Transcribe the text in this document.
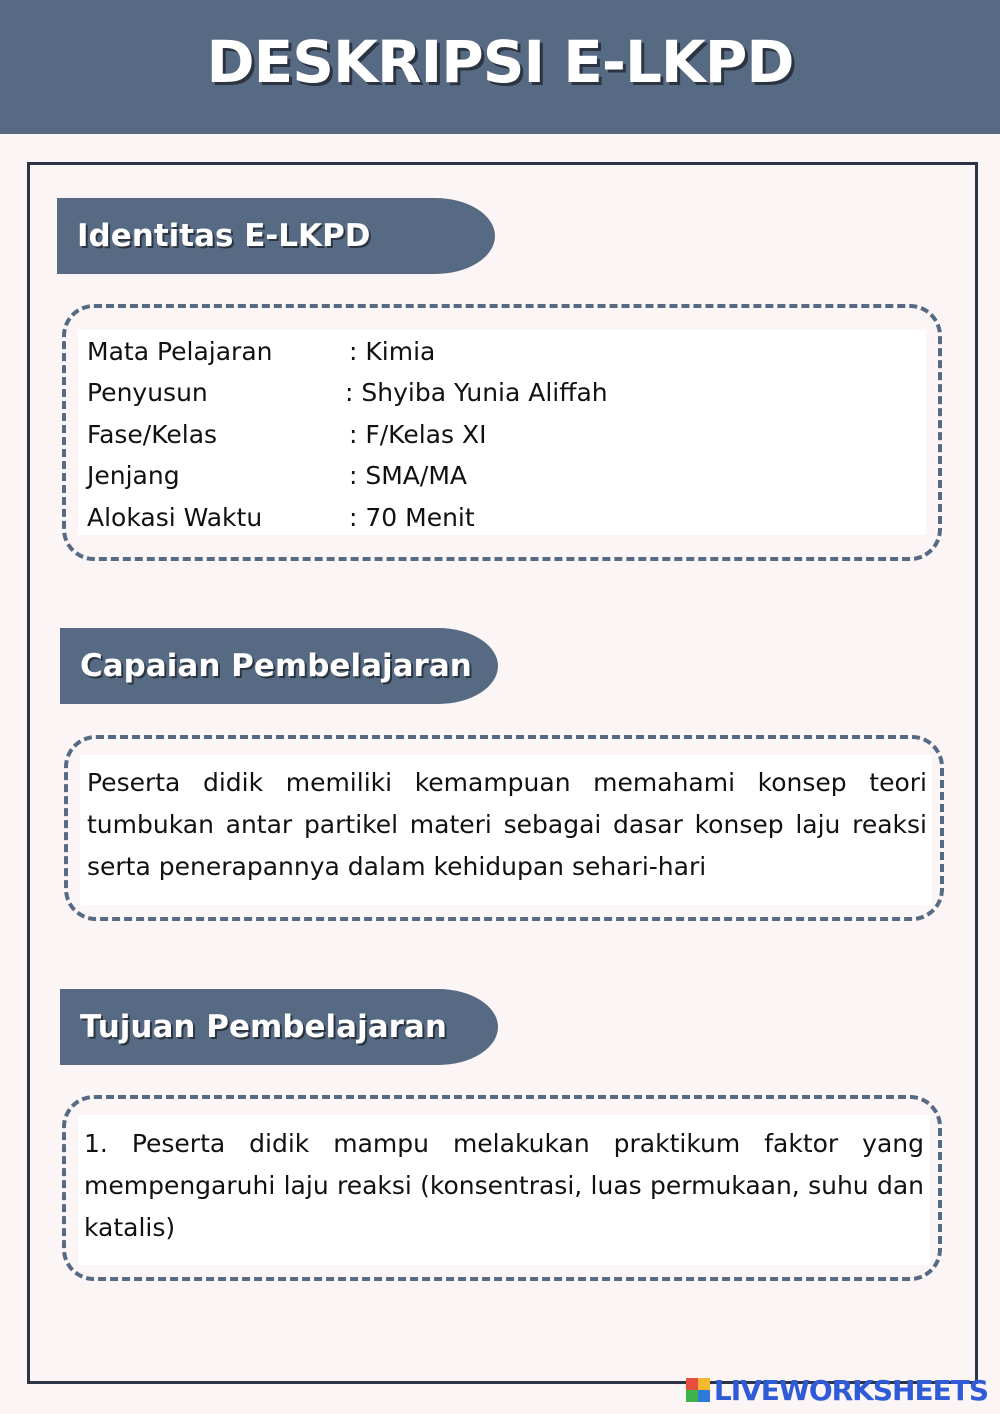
DESKRIPSI E-LKPD
Identitas E-LKPD
Mata Pelajaran	: Kimia
Penyusun	: Shyiba Yunia Aliffah
Fase/Kelas	: F/Kelas XI
Jenjang	: SMA/MA
Alokasi Waktu	: 70 Menit
Capaian Pembelajaran
Peserta didik memiliki kemampuan memahami konsep teori tumbukan antar partikel materi sebagai dasar konsep laju reaksi serta penerapannya dalam kehidupan sehari-hari
Tujuan Pembelajaran
1. Peserta didik mampu melakukan praktikum faktor yang mempengaruhi laju reaksi (konsentrasi, luas permukaan, suhu dan katalis)
LIVEWORKSHEETS
